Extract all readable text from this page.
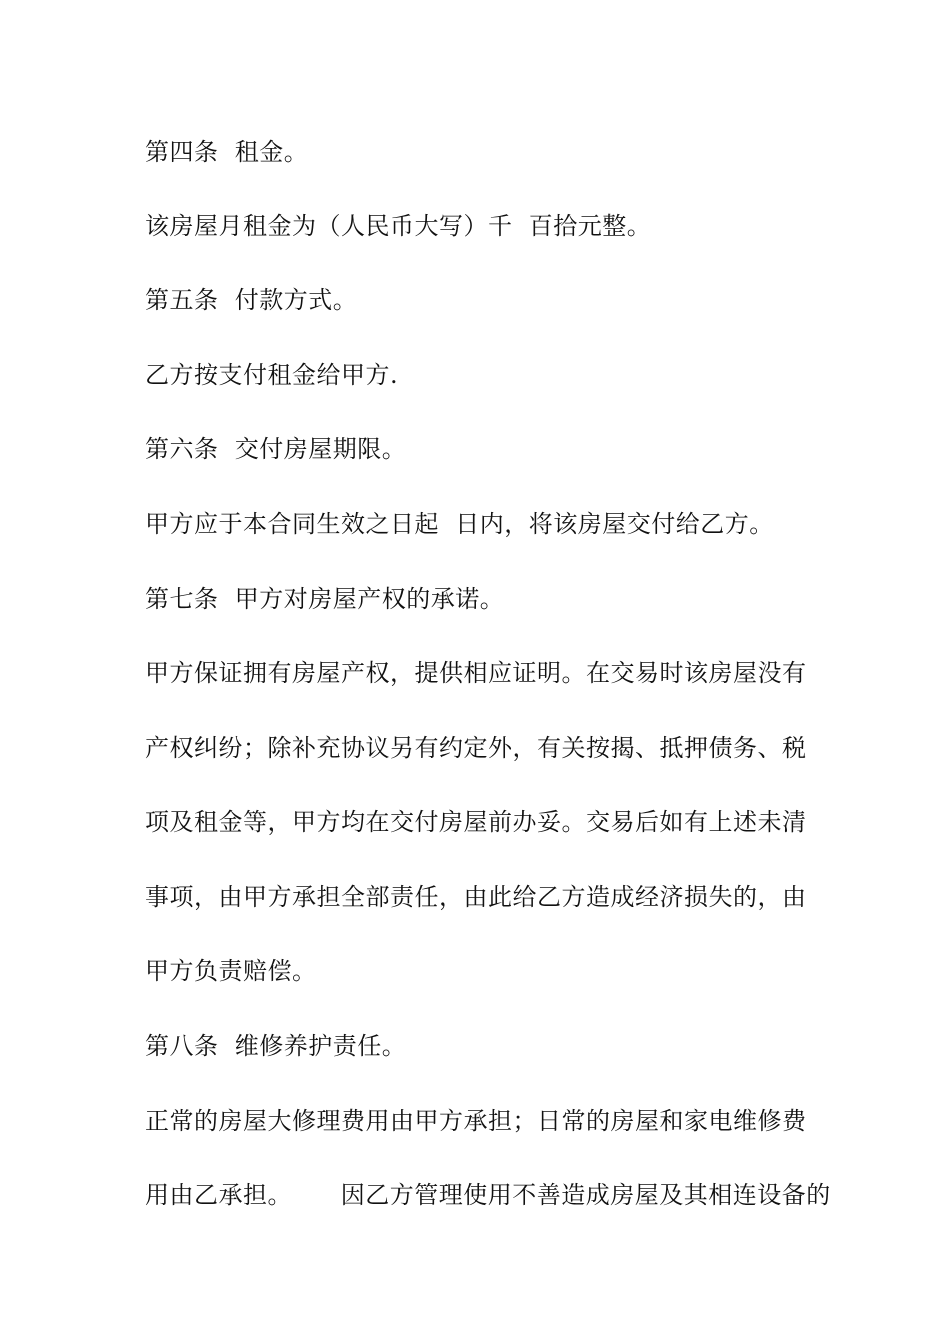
第四条  租金。
该房屋月租金为（人民币大写）千  百拾元整。
第五条  付款方式。
乙方按支付租金给甲方.
第六条  交付房屋期限。
甲方应于本合同生效之日起  日内，将该房屋交付给乙方。
第七条  甲方对房屋产权的承诺。
甲方保证拥有房屋产权，提供相应证明。在交易时该房屋没有
产权纠纷；除补充协议另有约定外，有关按揭、抵押债务、税
项及租金等，甲方均在交付房屋前办妥。交易后如有上述未清
事项，由甲方承担全部责任，由此给乙方造成经济损失的，由
甲方负责赔偿。
第八条  维修养护责任。
正常的房屋大修理费用由甲方承担；日常的房屋和家电维修费
用由乙承担。      因乙方管理使用不善造成房屋及其相连设备的
